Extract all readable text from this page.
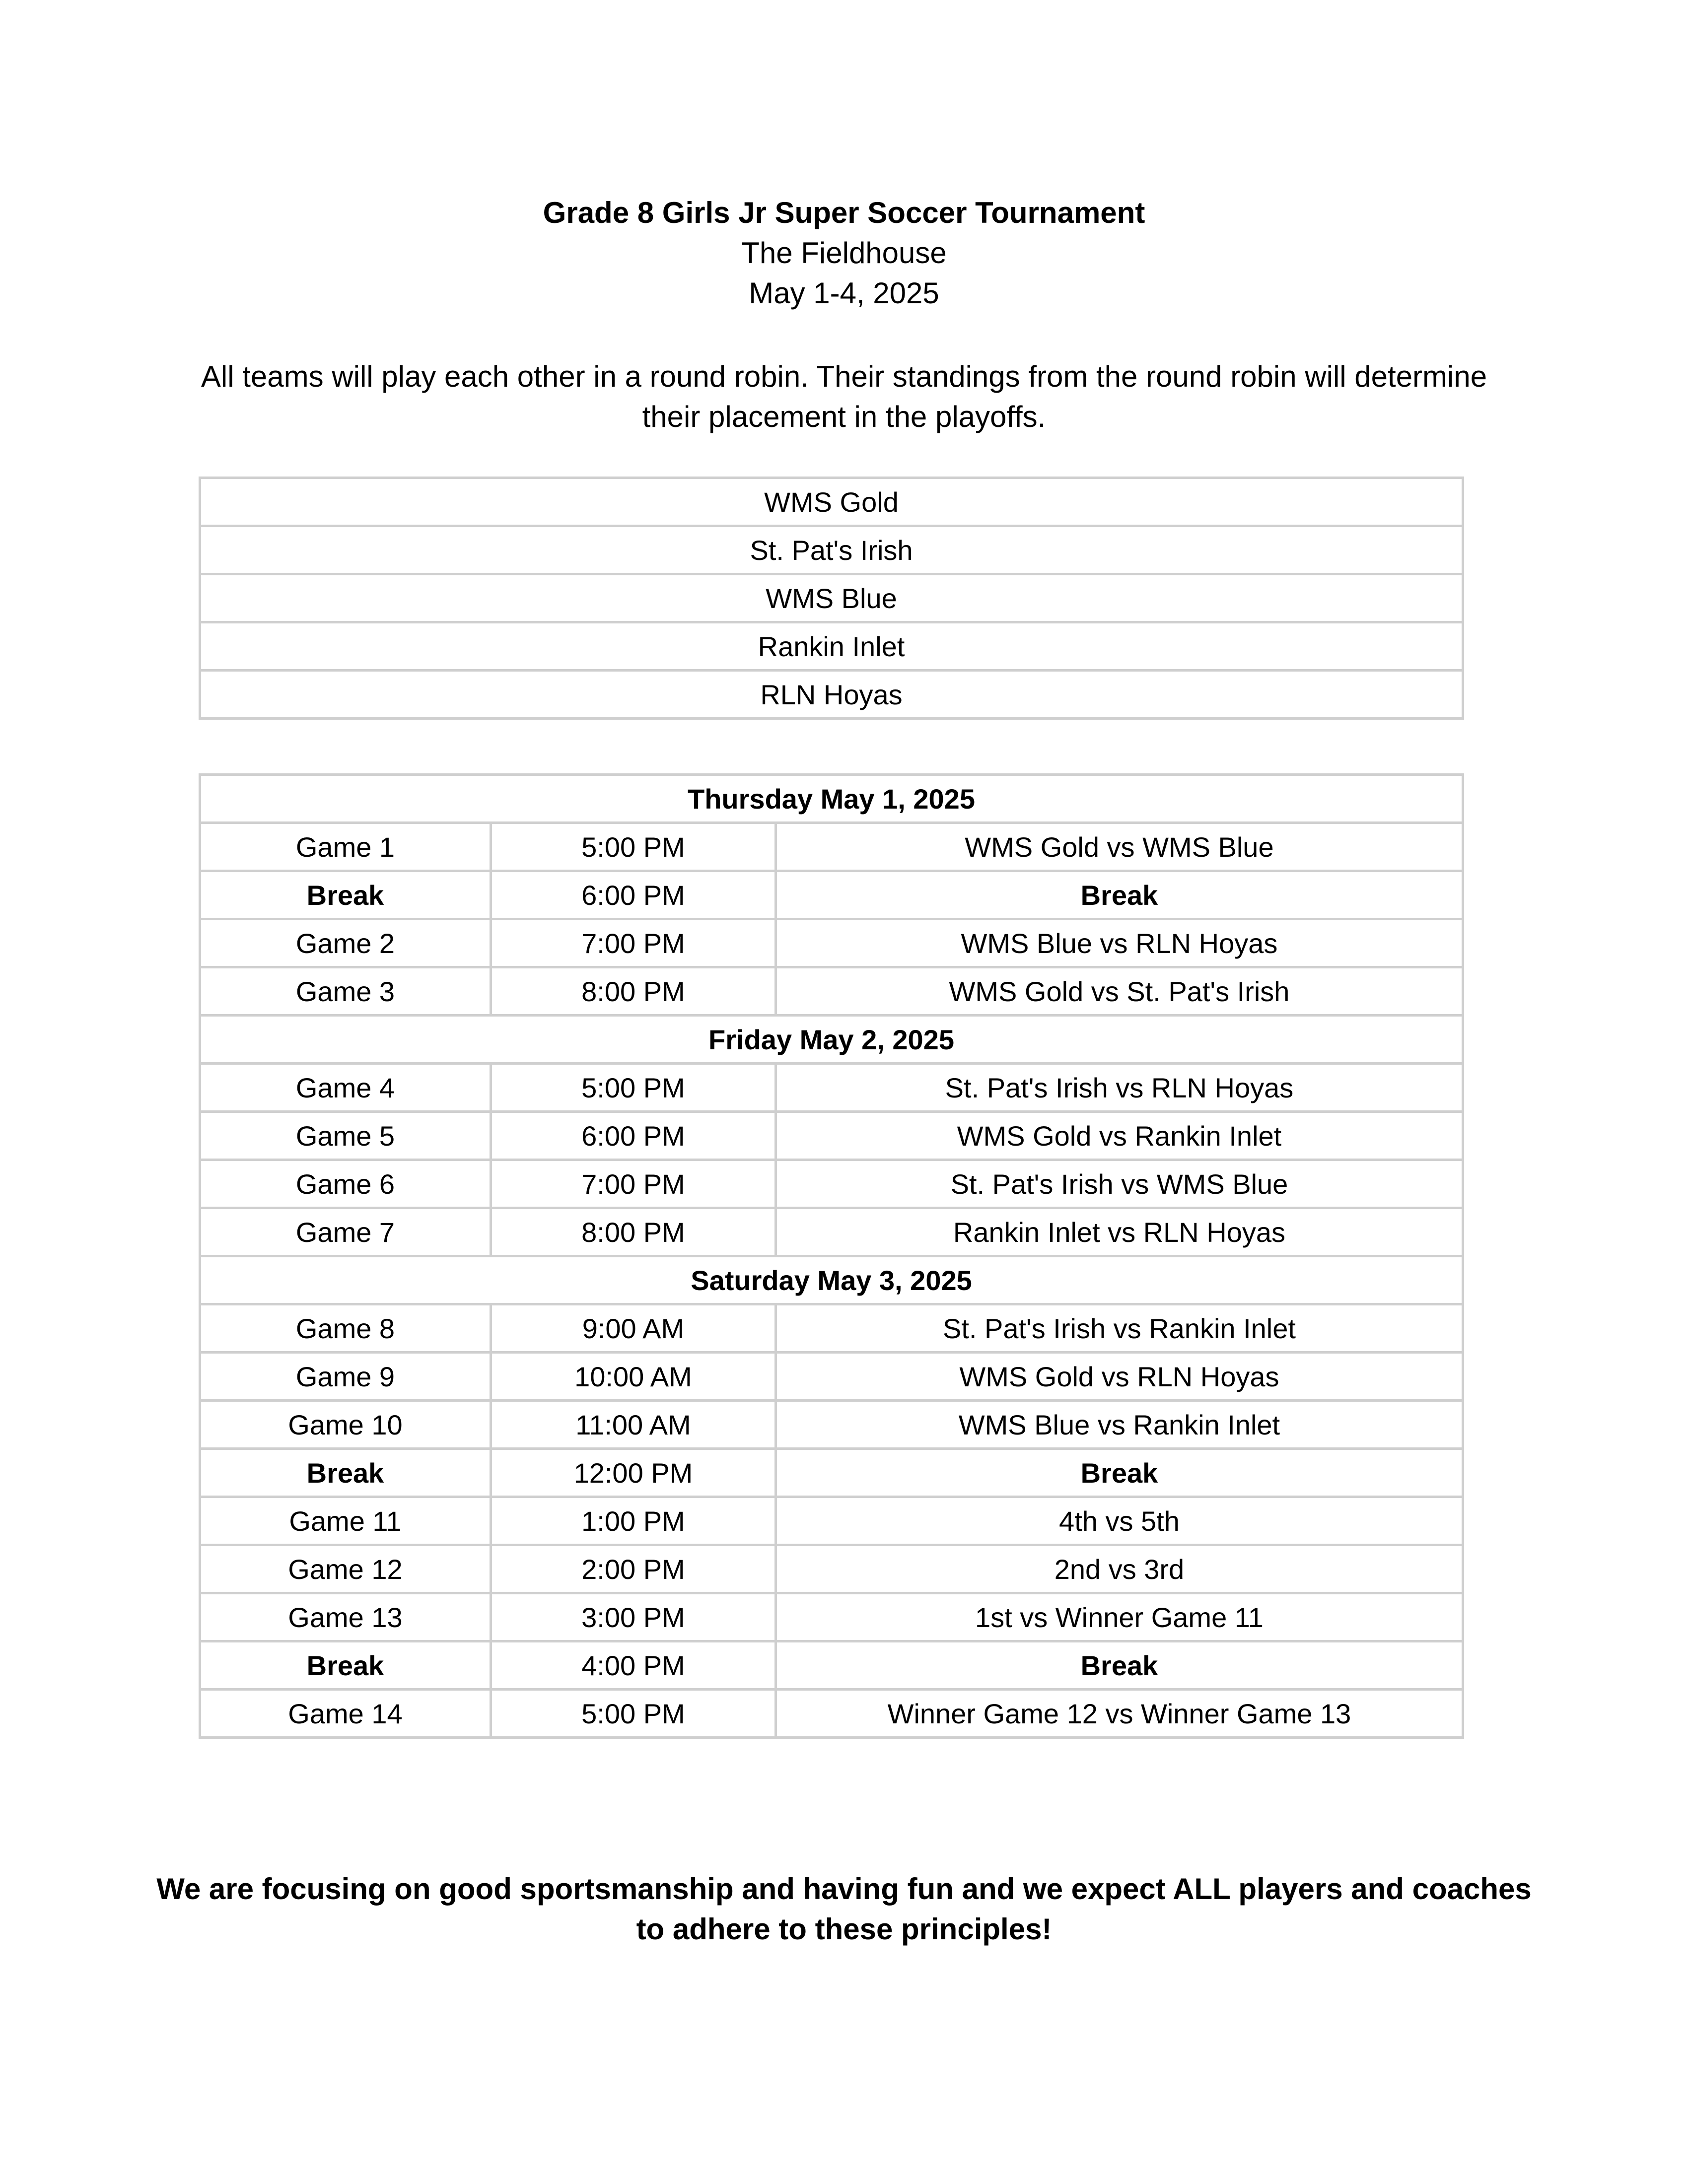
Grade 8 Girls Jr Super Soccer Tournament
The Fieldhouse
May 1-4, 2025
All teams will play each other in a round robin. Their standings from the round robin will determine their placement in the playoffs.
WMS Gold
St. Pat's Irish
WMS Blue
Rankin Inlet
RLN Hoyas
Thursday May 1, 2025		
Game 1	5:00 PM	WMS Gold vs WMS Blue
Break	6:00 PM	Break
Game 2	7:00 PM	WMS Blue vs RLN Hoyas
Game 3	8:00 PM	WMS Gold vs St. Pat's Irish
Friday May 2, 2025		
Game 4	5:00 PM	St. Pat's Irish vs RLN Hoyas
Game 5	6:00 PM	WMS Gold vs Rankin Inlet
Game 6	7:00 PM	St. Pat's Irish vs WMS Blue
Game 7	8:00 PM	Rankin Inlet vs RLN Hoyas
Saturday May 3, 2025		
Game 8	9:00 AM	St. Pat's Irish vs Rankin Inlet
Game 9	10:00 AM	WMS Gold vs RLN Hoyas
Game 10	11:00 AM	WMS Blue vs Rankin Inlet
Break	12:00 PM	Break
Game 11	1:00 PM	4th vs 5th
Game 12	2:00 PM	2nd vs 3rd
Game 13	3:00 PM	1st vs Winner Game 11
Break	4:00 PM	Break
Game 14	5:00 PM	Winner Game 12 vs Winner Game 13
We are focusing on good sportsmanship and having fun and we expect ALL players and coaches to adhere to these principles!
